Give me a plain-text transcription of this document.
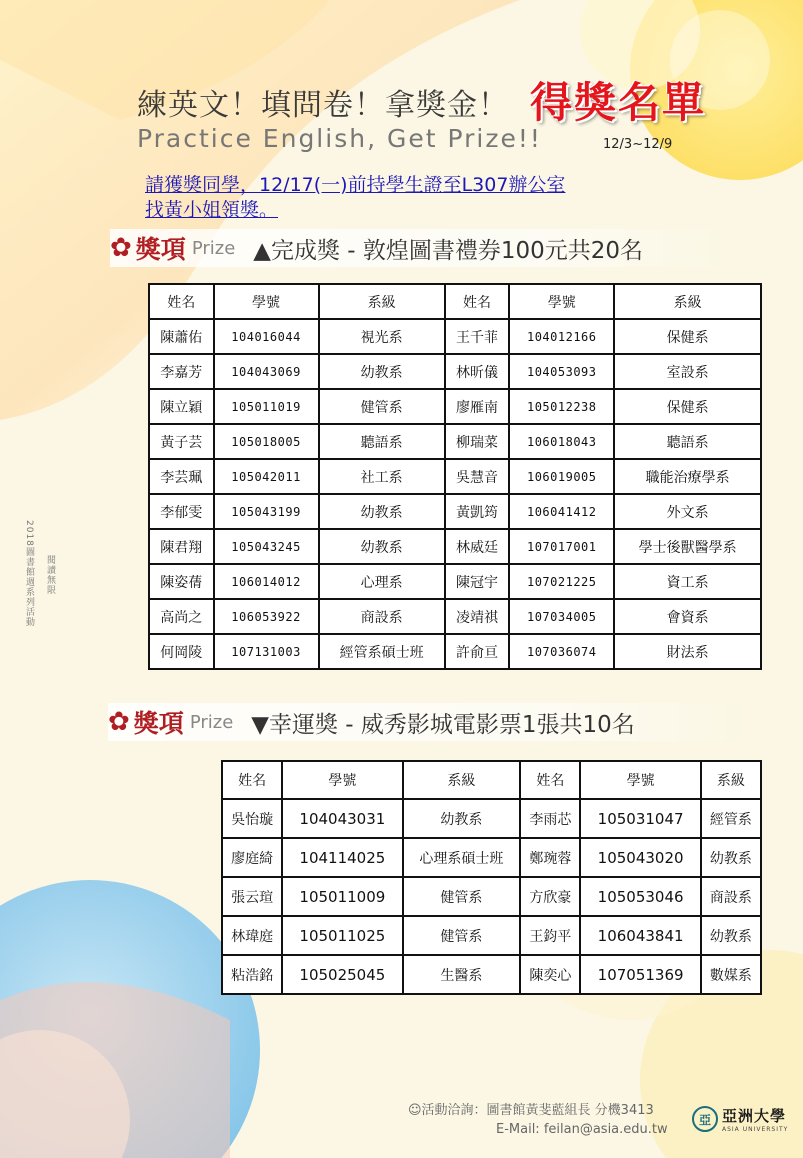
練英文！填問卷！拿獎金！ 得獎名單
Practice English, Get Prize!!	12/3~12/9
請獲獎同學，12/17(一)前持學生證至L307辦公室
找黃小姐領獎。
✿ 獎項 Prize ▲完成獎 - 敦煌圖書禮券100元共20名
姓名	學號	系級	姓名	學號	系級
陳蕭佑	104016044	視光系	王千菲	104012166	保健系
李嘉芳	104043069	幼教系	林昕儀	104053093	室設系
陳立穎	105011019	健管系	廖雁南	105012238	保健系
黃子芸	105018005	聽語系	柳瑞菜	106018043	聽語系
李芸珮	105042011	社工系	吳慧音	106019005	職能治療學系
李郁雯	105043199	幼教系	黃凱筠	106041412	外文系
陳君翔	105043245	幼教系	林威廷	107017001	學士後獸醫學系
陳姿蒨	106014012	心理系	陳冠宇	107021225	資工系
高尚之	106053922	商設系	凌靖祺	107034005	會資系
何岡陵	107131003	經管系碩士班	許俞亘	107036074	財法系
✿ 獎項 Prize ▼幸運獎 - 威秀影城電影票1張共10名
姓名	學號	系級	姓名	學號	系級
吳怡璇	104043031	幼教系	李雨芯	105031047	經管系
廖庭綺	104114025	心理系碩士班	鄭琬蓉	105043020	幼教系
張云瑄	105011009	健管系	方欣豪	105053046	商設系
林瑋庭	105011025	健管系	王鈞平	106043841	幼教系
粘浩銘	105025045	生醫系	陳奕心	107051369	數媒系
2018圖書館週系列活動	閱讀無限
☺活動洽詢：圖書館黃斐藍組長 分機3413
E-Mail: feilan@asia.edu.tw
亞 亞洲大學
ASIA UNIVERSITY
